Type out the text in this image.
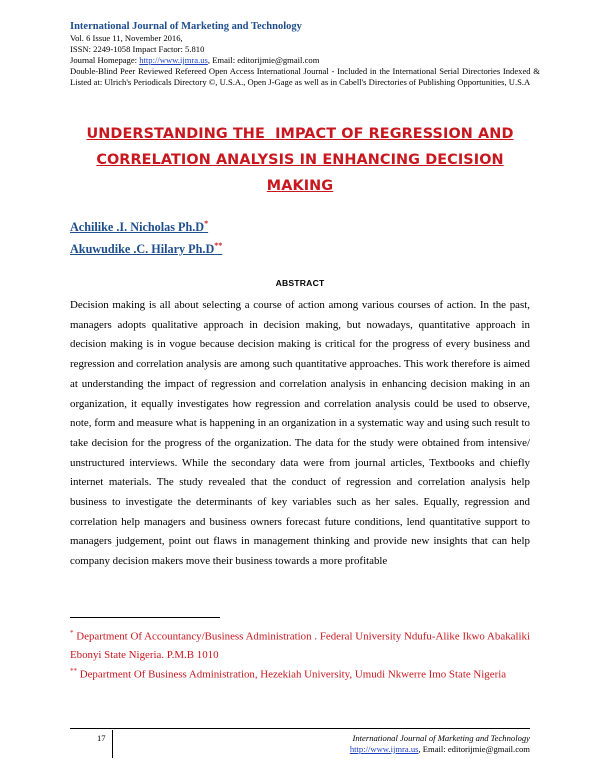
International Journal of Marketing and Technology
Vol. 6 Issue 11, November 2016,
ISSN: 2249-1058 Impact Factor: 5.810
Journal Homepage: http://www.ijmra.us, Email: editorijmie@gmail.com
Double-Blind Peer Reviewed Refereed Open Access International Journal - Included in the International Serial Directories Indexed & Listed at: Ulrich's Periodicals Directory ©, U.S.A., Open J-Gage as well as in Cabell's Directories of Publishing Opportunities, U.S.A
UNDERSTANDING THE  IMPACT OF REGRESSION AND
CORRELATION ANALYSIS IN ENHANCING DECISION
MAKING
Achilike .I. Nicholas Ph.D*
Akuwudike .C. Hilary Ph.D**
ABSTRACT
Decision making is all about selecting a course of action among various courses of action. In the past, managers adopts qualitative approach in decision making, but nowadays, quantitative approach in decision making is in vogue because decision making is critical for the progress of every business and regression and correlation analysis are among such quantitative approaches. This work therefore is aimed at understanding the impact of regression and correlation analysis in enhancing decision making in an organization, it equally investigates how regression and correlation analysis could be used to observe, note, form and measure what is happening in an organization in a systematic way and using such result to take decision for the progress of the organization. The data for the study were obtained from intensive/ unstructured interviews. While the secondary data were from journal articles, Textbooks and chiefly internet materials. The study revealed that the conduct of regression and correlation analysis help business to investigate the determinants of key variables such as her sales. Equally, regression and correlation help managers and business owners forecast future conditions, lend quantitative support to managers judgement, point out flaws in management thinking and provide new insights that can help company decision makers move their business towards a more profitable
* Department Of Accountancy/Business Administration . Federal University Ndufu-Alike Ikwo Abakaliki Ebonyi State Nigeria. P.M.B 1010
** Department Of Business Administration, Hezekiah University, Umudi Nkwerre Imo State Nigeria
17	International Journal of Marketing and Technology
http://www.ijmra.us, Email: editorijmie@gmail.com
